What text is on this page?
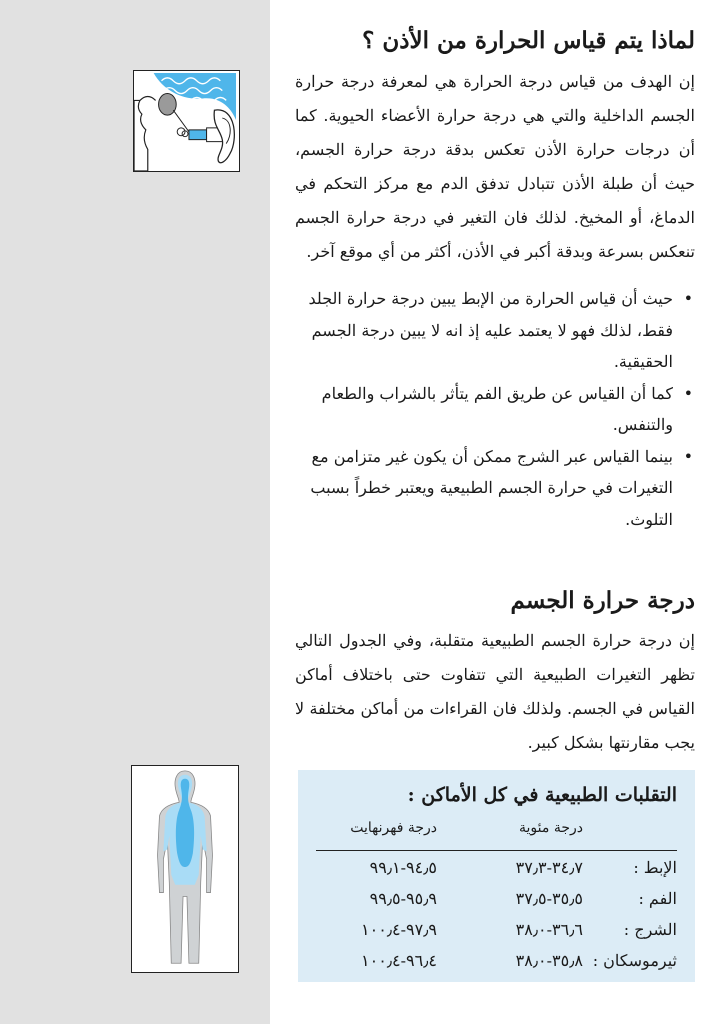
لماذا يتم قياس الحرارة من الأذن ؟

إن الهدف من قياس درجة الحرارة هي لمعرفة درجة حرارة الجسم الداخلية والتي هي درجة حرارة الأعضاء الحيوية. كما أن درجات حرارة الأذن تعكس بدقة درجة حرارة الجسم، حيث أن طبلة الأذن تتبادل تدفق الدم مع مركز التحكم في الدماغ، أو المخيخ. لذلك فان التغير في درجة حرارة الجسم تنعكس بسرعة وبدقة أكبر في الأذن، أكثر من أي موقع آخر.

• حيث أن قياس الحرارة من الإبط يبين درجة حرارة الجلد فقط، لذلك فهو لا يعتمد عليه إذ انه لا يبين درجة الجسم الحقيقية.
• كما أن القياس عن طريق الفم يتأثر بالشراب والطعام والتنفس.
• بينما القياس عبر الشرج ممكن أن يكون غير متزامن مع التغيرات في حرارة الجسم الطبيعية ويعتبر خطراً بسبب التلوث.
درجة حرارة الجسم

إن درجة حرارة الجسم الطبيعية متقلبة، وفي الجدول التالي تظهر التغيرات الطبيعية التي تتفاوت حتى باختلاف أماكن القياس في الجسم. ولذلك فان القراءات من أماكن مختلفة لا يجب مقارنتها بشكل كبير.

التقلبات الطبيعية في كل الأماكن :
درجة مئوية
درجة فهرنهايت
الإبط :
٣٤٫٧-٣٧٫٣
٩٤٫٥-٩٩٫١
الفم :
٣٥٫٥-٣٧٫٥
٩٥٫٩-٩٩٫٥
الشرج :
٣٦٫٦-٣٨٫٠
٩٧٫٩-١٠٠٫٤
ثيرموسكان :
٣٥٫٨-٣٨٫٠
٩٦٫٤-١٠٠٫٤
